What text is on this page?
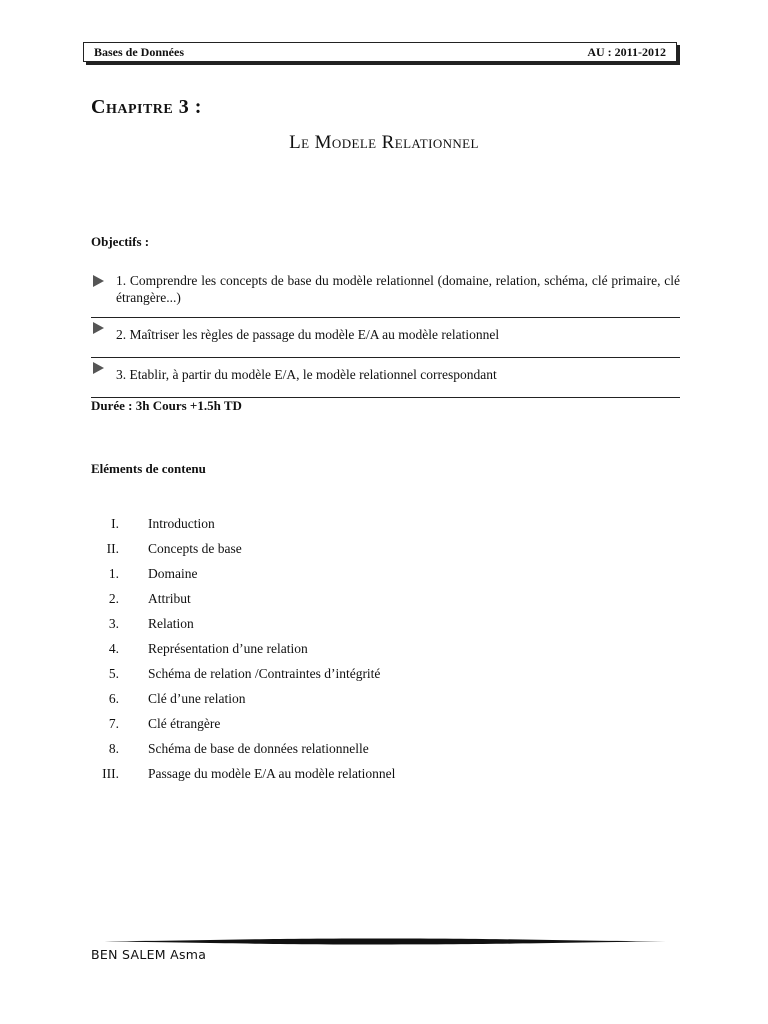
Bases de Données	AU : 2011-2012
Chapitre 3 :
Le Modele Relationnel
Objectifs :
1. Comprendre les concepts de base du modèle relationnel (domaine, relation, schéma, clé primaire, clé étrangère...)
2. Maîtriser les règles de passage du modèle E/A au modèle relationnel
3. Etablir, à partir du modèle E/A, le modèle relationnel correspondant
Durée : 3h Cours +1.5h TD
Eléments de contenu
I. Introduction
II. Concepts de base
1. Domaine
2. Attribut
3. Relation
4. Représentation d’une relation
5. Schéma de relation /Contraintes d’intégrité
6. Clé d’une relation
7. Clé étrangère
8. Schéma de base de données relationnelle
III. Passage du modèle E/A au modèle relationnel
BEN SALEM Asma
